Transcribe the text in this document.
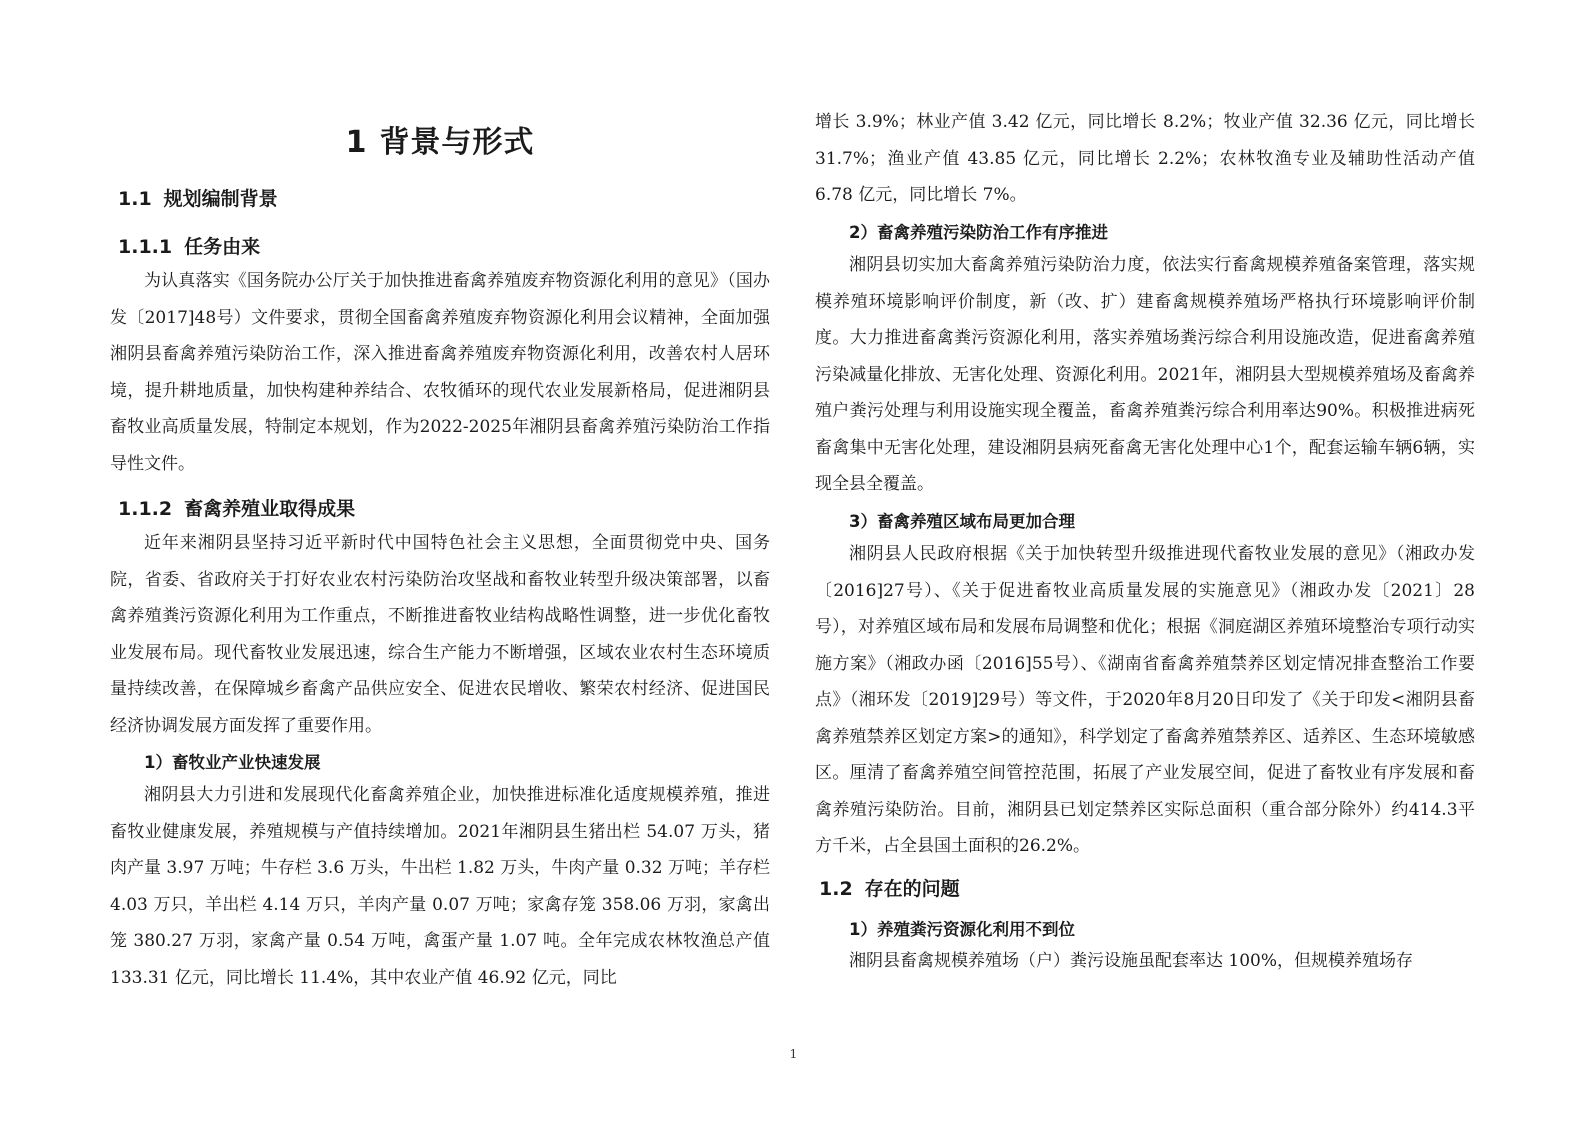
1 背景与形式
1.1 规划编制背景
1.1.1 任务由来

为认真落实《国务院办公厅关于加快推进畜禽养殖废弃物资源化利用的意见》（国办发〔2017]48号）文件要求，贯彻全国畜禽养殖废弃物资源化利用会议精神，全面加强湘阴县畜禽养殖污染防治工作，深入推进畜禽养殖废弃物资源化利用，改善农村人居环境，提升耕地质量，加快构建种养结合、农牧循环的现代农业发展新格局，促进湘阴县畜牧业高质量发展，特制定本规划，作为2022-2025年湘阴县畜禽养殖污染防治工作指导性文件。

1.1.2 畜禽养殖业取得成果

近年来湘阴县坚持习近平新时代中国特色社会主义思想，全面贯彻党中央、国务院，省委、省政府关于打好农业农村污染防治攻坚战和畜牧业转型升级决策部署，以畜禽养殖粪污资源化利用为工作重点，不断推进畜牧业结构战略性调整，进一步优化畜牧业发展布局。现代畜牧业发展迅速，综合生产能力不断增强，区域农业农村生态环境质量持续改善，在保障城乡畜禽产品供应安全、促进农民增收、繁荣农村经济、促进国民经济协调发展方面发挥了重要作用。

1）畜牧业产业快速发展

湘阴县大力引进和发展现代化畜禽养殖企业，加快推进标准化适度规模养殖，推进畜牧业健康发展，养殖规模与产值持续增加。2021年湘阴县生猪出栏 54.07 万头，猪肉产量 3.97 万吨；牛存栏 3.6 万头，牛出栏 1.82 万头，牛肉产量 0.32 万吨；羊存栏 4.03 万只，羊出栏 4.14 万只，羊肉产量 0.07 万吨；家禽存笼 358.06 万羽，家禽出笼 380.27 万羽，家禽产量 0.54 万吨，禽蛋产量 1.07 吨。全年完成农林牧渔总产值 133.31 亿元，同比增长 11.4%，其中农业产值 46.92 亿元，同比

增长 3.9%；林业产值 3.42 亿元，同比增长 8.2%；牧业产值 32.36 亿元，同比增长 31.7%；渔业产值 43.85 亿元，同比增长 2.2%；农林牧渔专业及辅助性活动产值 6.78 亿元，同比增长 7%。

2）畜禽养殖污染防治工作有序推进

湘阴县切实加大畜禽养殖污染防治力度，依法实行畜禽规模养殖备案管理，落实规模养殖环境影响评价制度，新（改、扩）建畜禽规模养殖场严格执行环境影响评价制度。大力推进畜禽粪污资源化利用，落实养殖场粪污综合利用设施改造，促进畜禽养殖污染减量化排放、无害化处理、资源化利用。2021年，湘阴县大型规模养殖场及畜禽养殖户粪污处理与利用设施实现全覆盖，畜禽养殖粪污综合利用率达90%。积极推进病死畜禽集中无害化处理，建设湘阴县病死畜禽无害化处理中心1个，配套运输车辆6辆，实现全县全覆盖。

3）畜禽养殖区域布局更加合理

湘阴县人民政府根据《关于加快转型升级推进现代畜牧业发展的意见》（湘政办发〔2016]27号）、《关于促进畜牧业高质量发展的实施意见》（湘政办发〔2021〕28号），对养殖区域布局和发展布局调整和优化；根据《洞庭湖区养殖环境整治专项行动实施方案》（湘政办函〔2016]55号）、《湖南省畜禽养殖禁养区划定情况排查整治工作要点》（湘环发〔2019]29号）等文件，于2020年8月20日印发了《关于印发<湘阴县畜禽养殖禁养区划定方案>的通知》，科学划定了畜禽养殖禁养区、适养区、生态环境敏感区。厘清了畜禽养殖空间管控范围，拓展了产业发展空间，促进了畜牧业有序发展和畜禽养殖污染防治。目前，湘阴县已划定禁养区实际总面积（重合部分除外）约414.3平方千米，占全县国土面积的26.2%。

1.2 存在的问题
1）养殖粪污资源化利用不到位

湘阴县畜禽规模养殖场（户）粪污设施虽配套率达 100%，但规模养殖场存

1
